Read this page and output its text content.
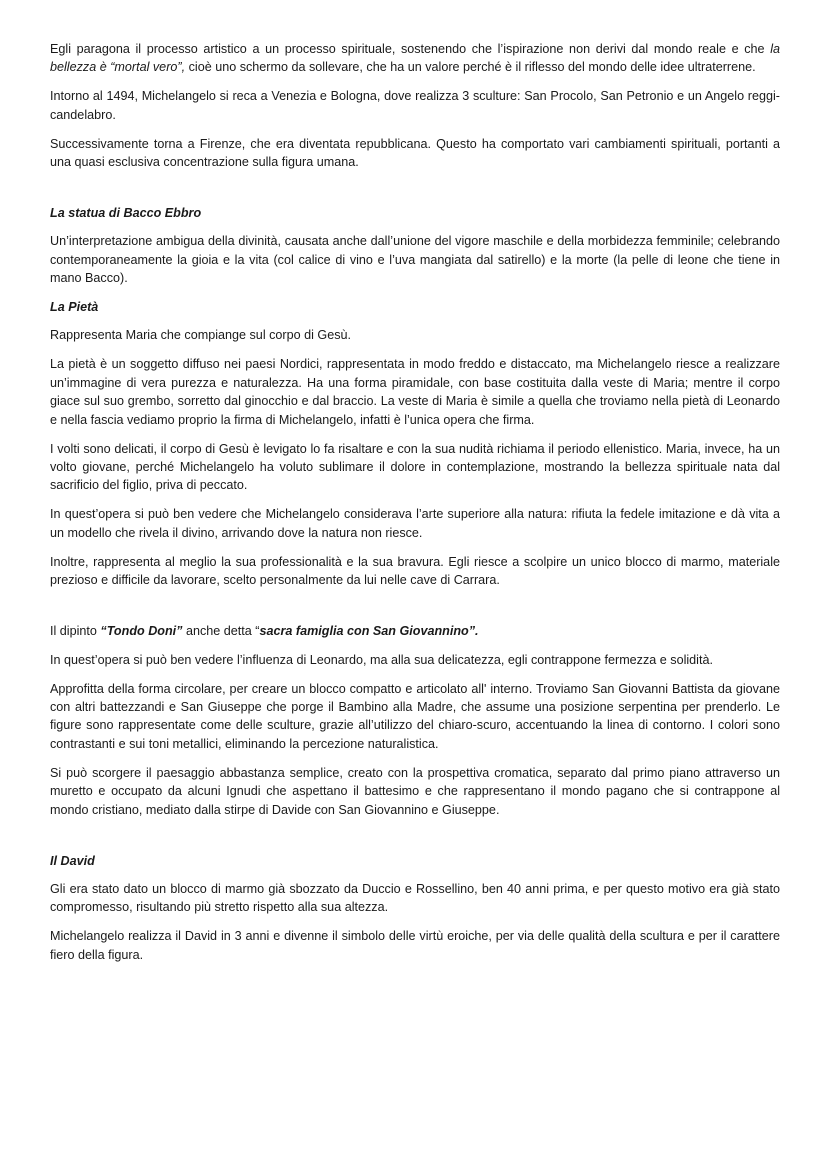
Egli paragona il processo artistico a un processo spirituale, sostenendo che l’ispirazione non derivi dal mondo reale e che la bellezza è “mortal vero”, cioè uno schermo da sollevare, che ha un valore perché è il riflesso del mondo delle idee ultraterrene.

Intorno al 1494, Michelangelo si reca a Venezia e Bologna, dove realizza 3 sculture: San Procolo, San Petronio e un Angelo reggi- candelabro.

Successivamente torna a Firenze, che era diventata repubblicana. Questo ha comportato vari cambiamenti spirituali, portanti a una quasi esclusiva concentrazione sulla figura umana.

La statua di Bacco Ebbro

Un’interpretazione ambigua della divinità, causata anche dall’unione del vigore maschile e della morbidezza femminile; celebrando contemporaneamente la gioia e la vita (col calice di vino e l’uva mangiata dal satirello) e la morte (la pelle di leone che tiene in mano Bacco).

La Pietà

Rappresenta Maria che compiange sul corpo di Gesù.

La pietà è un soggetto diffuso nei paesi Nordici, rappresentata in modo freddo e distaccato, ma Michelangelo riesce a realizzare un’immagine di vera purezza e naturalezza. Ha una forma piramidale, con base costituita dalla veste di Maria; mentre il corpo giace sul suo grembo, sorretto dal ginocchio e dal braccio. La veste di Maria è simile a quella che troviamo nella pietà di Leonardo e nella fascia vediamo proprio la firma di Michelangelo, infatti è l’unica opera che firma.

I volti sono delicati, il corpo di Gesù è levigato lo fa risaltare e con la sua nudità richiama il periodo ellenistico. Maria, invece, ha un volto giovane, perché Michelangelo ha voluto sublimare il dolore in contemplazione, mostrando la bellezza spirituale nata dal sacrificio del figlio, priva di peccato.

In quest’opera si può ben vedere che Michelangelo considerava l’arte superiore alla natura: rifiuta la fedele imitazione e dà vita a un modello che rivela il divino, arrivando dove la natura non riesce.

Inoltre, rappresenta al meglio la sua professionalità e la sua bravura. Egli riesce a scolpire un unico blocco di marmo, materiale prezioso e difficile da lavorare, scelto personalmente da lui nelle cave di Carrara.

Il dipinto “Tondo Doni” anche detta “sacra famiglia con San Giovannino”.

In quest’opera si può ben vedere l’influenza di Leonardo, ma alla sua delicatezza, egli contrappone fermezza e solidità.

Approfitta della forma circolare, per creare un blocco compatto e articolato all' interno. Troviamo San Giovanni Battista da giovane con altri battezzandi e San Giuseppe che porge il Bambino alla Madre, che assume una posizione serpentina per prenderlo. Le figure sono rappresentate come delle sculture, grazie all’utilizzo del chiaro-scuro, accentuando la linea di contorno. I colori sono contrastanti e sui toni metallici, eliminando la percezione naturalistica.

Si può scorgere il paesaggio abbastanza semplice, creato con la prospettiva cromatica, separato dal primo piano attraverso un muretto e occupato da alcuni Ignudi che aspettano il battesimo e che rappresentano il mondo pagano che si contrappone al mondo cristiano, mediato dalla stirpe di Davide con San Giovannino e Giuseppe.

Il David

Gli era stato dato un blocco di marmo già sbozzato da Duccio e Rossellino, ben 40 anni prima, e per questo motivo era già stato compromesso, risultando più stretto rispetto alla sua altezza.

Michelangelo realizza il David in 3 anni e divenne il simbolo delle virtù eroiche, per via delle qualità della scultura e per il carattere fiero della figura.
